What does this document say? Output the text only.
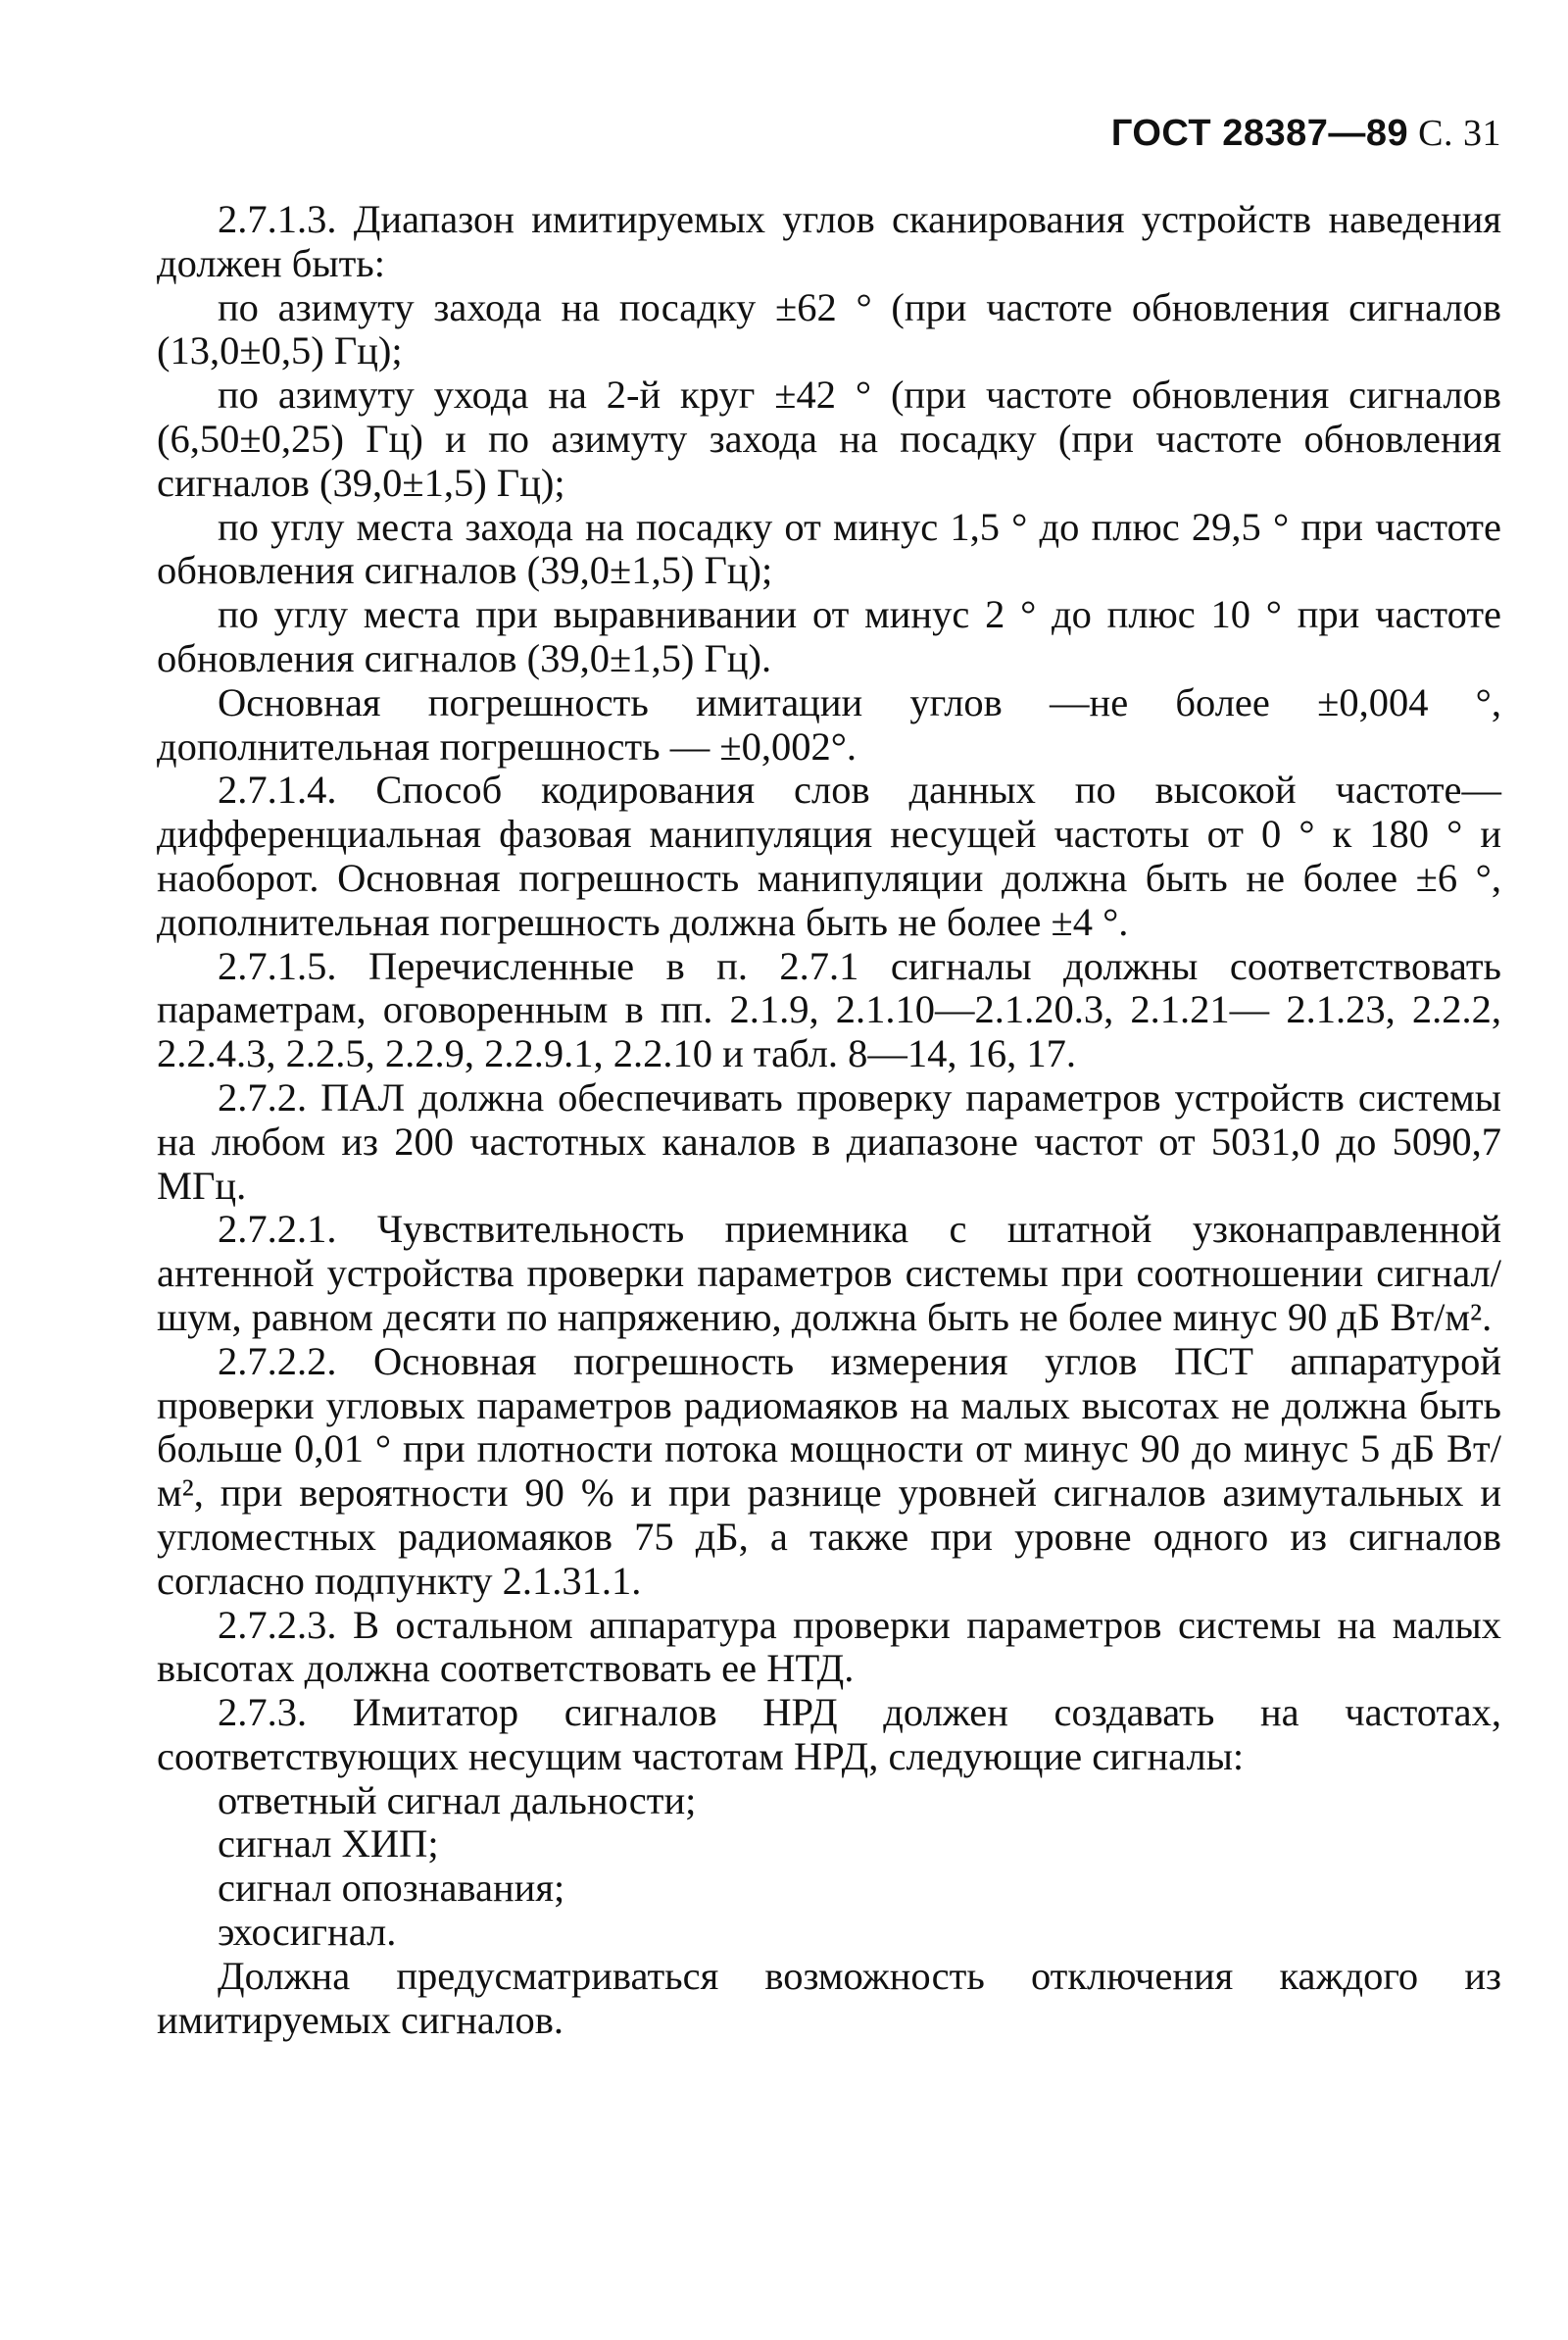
ГОСТ 28387—89 С. 31

2.7.1.3. Диапазон имитируемых углов сканирования устройств наведения должен быть:

по азимуту захода на посадку ±62 ° (при частоте обновления сигналов (13,0±0,5) Гц);

по азимуту ухода на 2-й круг ±42 ° (при частоте обновления сигналов (6,50±0,25) Гц) и по азимуту захода на посадку (при частоте обновления сигналов (39,0±1,5) Гц);

по углу места захода на посадку от минус 1,5 ° до плюс 29,5 ° при частоте обновления сигналов (39,0±1,5) Гц);

по углу места при выравнивании от минус 2 ° до плюс 10 ° при частоте обновления сигналов (39,0±1,5) Гц).

Основная погрешность имитации углов —не более ±0,004 °, дополнительная погрешность — ±0,002°.

2.7.1.4. Способ кодирования слов данных по высокой частоте— дифференциальная фазовая манипуляция несущей частоты от 0 ° к 180 ° и наоборот. Основная погрешность манипуляции должна быть не более ±6 °, дополнительная погрешность должна быть не более ±4 °.

2.7.1.5. Перечисленные в п. 2.7.1 сигналы должны соответствовать параметрам, оговоренным в пп. 2.1.9, 2.1.10—2.1.20.3, 2.1.21— 2.1.23, 2.2.2, 2.2.4.3, 2.2.5, 2.2.9, 2.2.9.1, 2.2.10 и табл. 8—14, 16, 17.

2.7.2. ПАЛ должна обеспечивать проверку параметров устройств системы на любом из 200 частотных каналов в диапазоне частот от 5031,0 до 5090,7 МГц.

2.7.2.1. Чувствительность приемника с штатной узконаправленной антенной устройства проверки параметров системы при соотношении сигнал/шум, равном десяти по напряжению, должна быть не более минус 90 дБ Вт/м².

2.7.2.2. Основная погрешность измерения углов ПСТ аппаратурой проверки угловых параметров радиомаяков на малых высотах не должна быть больше 0,01 ° при плотности потока мощности от минус 90 до минус 5 дБ Вт/м², при вероятности 90 % и при разнице уровней сигналов азимутальных и угломестных радиомаяков 75 дБ, а также при уровне одного из сигналов согласно подпункту 2.1.31.1.

2.7.2.3. В остальном аппаратура проверки параметров системы на малых высотах должна соответствовать ее НТД.

2.7.3. Имитатор сигналов НРД должен создавать на частотах, соответствующих несущим частотам НРД, следующие сигналы:

ответный сигнал дальности;

сигнал ХИП;

сигнал опознавания;

эхосигнал.

Должна предусматриваться возможность отключения каждого из имитируемых сигналов.
